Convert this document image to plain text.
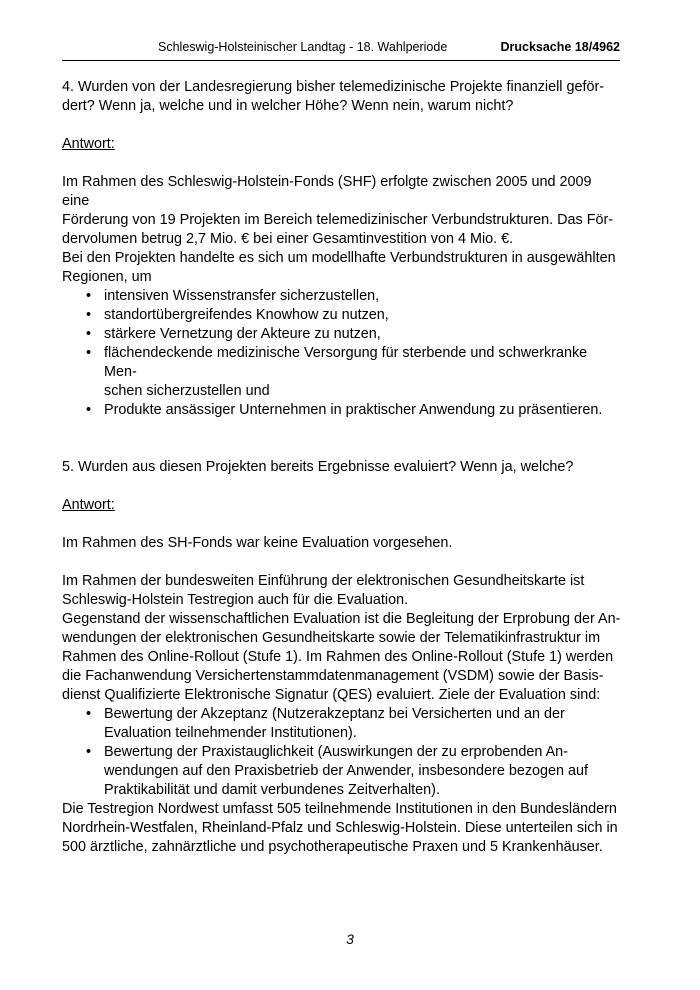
Schleswig-Holsteinischer Landtag - 18. Wahlperiode	Drucksache 18/4962

4. Wurden von der Landesregierung bisher telemedizinische Projekte finanziell geför-
dert? Wenn ja, welche und in welcher Höhe? Wenn nein, warum nicht?

Antwort:

Im Rahmen des Schleswig-Holstein-Fonds (SHF) erfolgte zwischen 2005 und 2009 eine
Förderung von 19 Projekten im Bereich telemedizinischer Verbundstrukturen. Das För-
dervolumen betrug 2,7 Mio. € bei einer Gesamtinvestition von 4 Mio. €.
Bei den Projekten handelte es sich um modellhafte Verbundstrukturen in ausgewählten
Regionen, um

• intensiven Wissenstransfer sicherzustellen,
• standortübergreifendes Knowhow zu nutzen,
• stärkere Vernetzung der Akteure zu nutzen,
• flächendeckende medizinische Versorgung für sterbende und schwerkranke Men-
schen sicherzustellen und
• Produkte ansässiger Unternehmen in praktischer Anwendung zu präsentieren.

5. Wurden aus diesen Projekten bereits Ergebnisse evaluiert? Wenn ja, welche?

Antwort:

Im Rahmen des SH-Fonds war keine Evaluation vorgesehen.

Im Rahmen der bundesweiten Einführung der elektronischen Gesundheitskarte ist
Schleswig-Holstein Testregion auch für die Evaluation.
Gegenstand der wissenschaftlichen Evaluation ist die Begleitung der Erprobung der An-
wendungen der elektronischen Gesundheitskarte sowie der Telematikinfrastruktur im
Rahmen des Online-Rollout (Stufe 1). Im Rahmen des Online-Rollout (Stufe 1) werden
die Fachanwendung Versichertenstammdatenmanagement (VSDM) sowie der Basis-
dienst Qualifizierte Elektronische Signatur (QES) evaluiert. Ziele der Evaluation sind:

• Bewertung der Akzeptanz (Nutzerakzeptanz bei Versicherten und an der
Evaluation teilnehmender Institutionen).
• Bewertung der Praxistauglichkeit (Auswirkungen der zu erprobenden An-
wendungen auf den Praxisbetrieb der Anwender, insbesondere bezogen auf
Praktikabilität und damit verbundenes Zeitverhalten).

Die Testregion Nordwest umfasst 505 teilnehmende Institutionen in den Bundesländern
Nordrhein-Westfalen, Rheinland-Pfalz und Schleswig-Holstein. Diese unterteilen sich in
500 ärztliche, zahnärztliche und psychotherapeutische Praxen und 5 Krankenhäuser.

3
